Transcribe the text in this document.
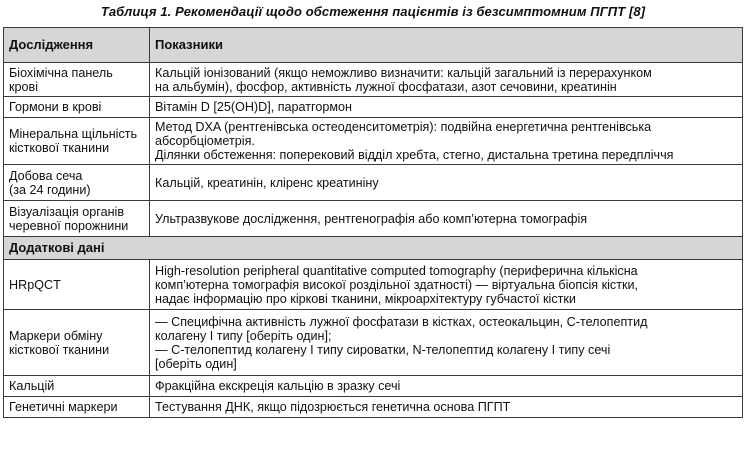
Таблиця 1. Рекомендації щодо обстеження пацієнтів із безсимптомним ПГПТ [8]
Дослідження	Показники

Біохімічна панель
крові	Кальцій іонізований (якщо неможливо визначити: кальцій загальний із перерахунком
на альбумін), фосфор, активність лужної фосфатази, азот сечовини, креатинін

Гормони в крові	Вітамін D [25(OH)D], паратгормон

Мінеральна щільність
кісткової тканини	Метод DXA (рентгенівська остеоденситометрія): подвійна енергетична рентгенівська
абсорбціометрія.
Ділянки обстеження: поперековий відділ хребта, стегно, дистальна третина передпліччя

Добова сеча
(за 24 години)	Кальцій, креатинін, кліренс креатиніну

Візуалізація органів
черевної порожнини	Ультразвукове дослідження, рентгенографія або комп’ютерна томографія

Додаткові дані	

HRpQCT	High-resolution peripheral quantitative computed tomography (периферична кількісна
комп’ютерна томографія високої роздільної здатності) — віртуальна біопсія кістки,
надає інформацію про кіркові тканини, мікроархітектуру губчастої кістки

Маркери обміну
кісткової тканини	— Специфічна активність лужної фосфатази в кістках, остеокальцин, С-телопептид
колагену I типу [оберіть один];
— С-телопептид колагену I типу сироватки, N-телопептид колагену I типу сечі
[оберіть один]

Кальцій	Фракційна екскреція кальцію в зразку сечі

Генетичні маркери	Тестування ДНК, якщо підозрюється генетична основа ПГПТ
